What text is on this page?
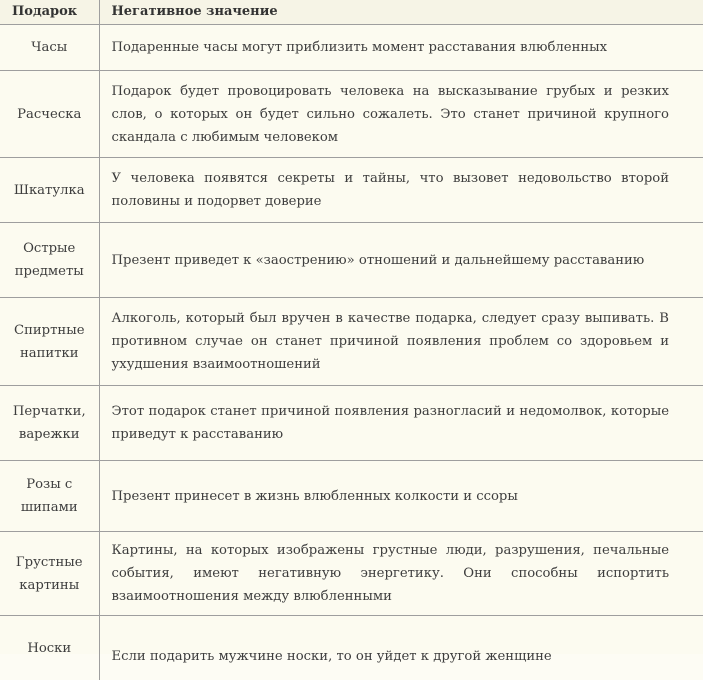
Подарок	Негативное значение
Часы	Подаренные часы могут приблизить момент расставания влюбленных
Расческа	Подарок будет провоцировать человека на высказывание грубых и резких слов, о которых он будет сильно сожалеть. Это станет причиной крупного скандала с любимым человеком
Шкатулка	У человека появятся секреты и тайны, что вызовет недовольство второй половины и подорвет доверие
Острые предметы	Презент приведет к «заострению» отношений и дальнейшему расставанию
Спиртные напитки	Алкоголь, который был вручен в качестве подарка, следует сразу выпивать. В противном случае он станет причиной появления проблем со здоровьем и ухудшения взаимоотношений
Перчатки, варежки	Этот подарок станет причиной появления разногласий и недомолвок, которые приведут к расставанию
Розы с шипами	Презент принесет в жизнь влюбленных колкости и ссоры
Грустные картины	Картины, на которых изображены грустные люди, разрушения, печальные события, имеют негативную энергетику. Они способны испортить взаимоотношения между влюбленными
Носки	Если подарить мужчине носки, то он уйдет к другой женщине
